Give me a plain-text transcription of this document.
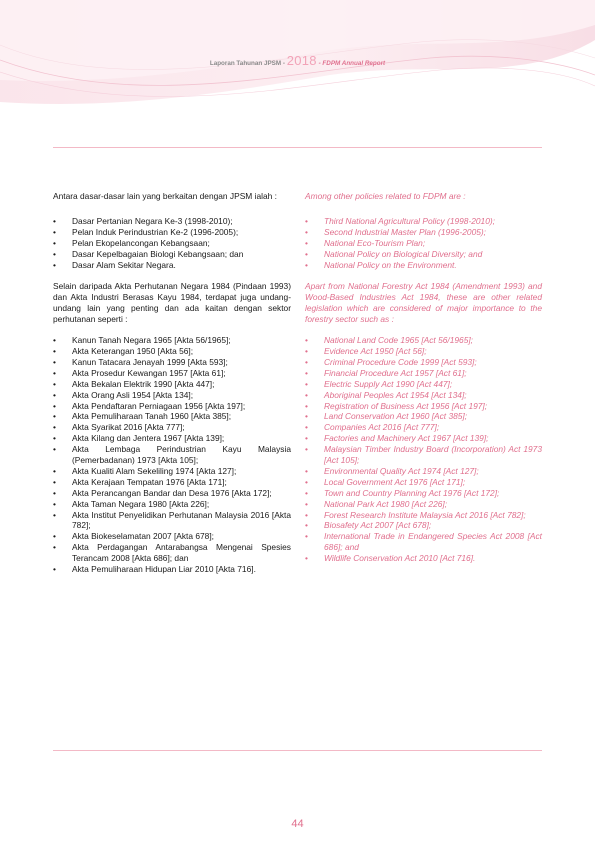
Laporan Tahunan JPSM - 2018 - FDPM Annual Report

Antara dasar-dasar lain yang berkaitan dengan JPSM ialah :

• Dasar Pertanian Negara Ke-3 (1998-2010);
• Pelan Induk Perindustrian Ke-2 (1996-2005);
• Pelan Ekopelancongan Kebangsaan;
• Dasar Kepelbagaian Biologi Kebangsaan; dan
• Dasar Alam Sekitar Negara.

Selain daripada Akta Perhutanan Negara 1984 (Pindaan 1993) dan Akta Industri Berasas Kayu 1984, terdapat juga undang-undang lain yang penting dan ada kaitan dengan sektor perhutanan seperti :

• Kanun Tanah Negara 1965 [Akta 56/1965];
• Akta Keterangan 1950 [Akta 56];
• Kanun Tatacara Jenayah 1999 [Akta 593];
• Akta Prosedur Kewangan 1957 [Akta 61];
• Akta Bekalan Elektrik 1990 [Akta 447];
• Akta Orang Asli 1954 [Akta 134];
• Akta Pendaftaran Perniagaan 1956 [Akta 197];
• Akta Pemuliharaan Tanah 1960 [Akta 385];
• Akta Syarikat 2016 [Akta 777];
• Akta Kilang dan Jentera 1967 [Akta 139];
• Akta Lembaga Perindustrian Kayu Malaysia (Pemerbadanan) 1973 [Akta 105];
• Akta Kualiti Alam Sekeliling 1974 [Akta 127];
• Akta Kerajaan Tempatan 1976 [Akta 171];
• Akta Perancangan Bandar dan Desa 1976 [Akta 172];
• Akta Taman Negara 1980 [Akta 226];
• Akta Institut Penyelidikan Perhutanan Malaysia 2016 [Akta 782];
• Akta Biokeselamatan 2007 [Akta 678];
• Akta Perdagangan Antarabangsa Mengenai Spesies Terancam 2008 [Akta 686]; dan
• Akta Pemuliharaan Hidupan Liar 2010 [Akta 716].

Among other policies related to FDPM are :

• Third National Agricultural Policy (1998-2010);
• Second Industrial Master Plan (1996-2005);
• National Eco-Tourism Plan;
• National Policy on Biological Diversity; and
• National Policy on the Environment.

Apart from National Forestry Act 1984 (Amendment 1993) and Wood-Based Industries Act 1984, these are other related legislation which are considered of major importance to the forestry sector such as :

• National Land Code 1965 [Act 56/1965];
• Evidence Act 1950 [Act 56];
• Criminal Procedure Code 1999 [Act 593];
• Financial Procedure Act 1957 [Act 61];
• Electric Supply Act 1990 [Act 447];
• Aboriginal Peoples Act 1954 [Act 134];
• Registration of Business Act 1956 [Act 197];
• Land Conservation Act 1960 [Act 385];
• Companies Act 2016 [Act 777];
• Factories and Machinery Act 1967 [Act 139];
• Malaysian Timber Industry Board (Incorporation) Act 1973 [Act 105];
• Environmental Quality Act 1974 [Act 127];
• Local Government Act 1976 [Act 171];
• Town and Country Planning Act 1976 [Act 172];
• National Park Act 1980 [Act 226];
• Forest Research Institute Malaysia Act 2016 [Act 782];
• Biosafety Act 2007 [Act 678];
• International Trade in Endangered Species Act 2008 [Act 686]; and
• Wildlife Conservation Act 2010 [Act 716].
44
